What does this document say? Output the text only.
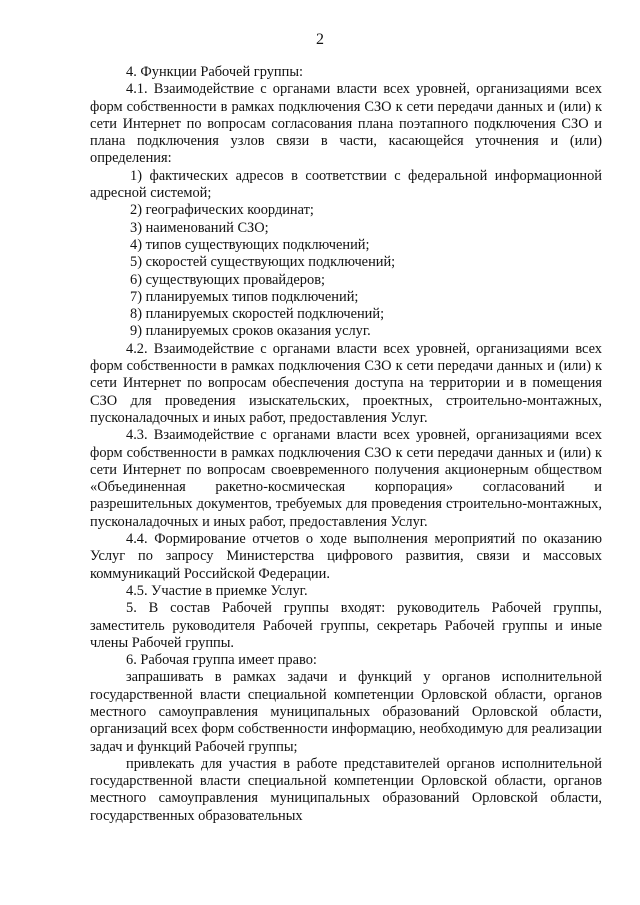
2

4. Функции Рабочей группы:

4.1. Взаимодействие с органами власти всех уровней, организациями всех форм собственности в рамках подключения СЗО к сети передачи данных и (или) к сети Интернет по вопросам согласования плана поэтапного подключения СЗО и плана подключения узлов связи в части, касающейся уточнения и (или) определения:

1) фактических адресов в соответствии с федеральной информационной адресной системой;

2) географических координат;

3) наименований СЗО;

4) типов существующих подключений;

5) скоростей существующих подключений;

6) существующих провайдеров;

7) планируемых типов подключений;

8) планируемых скоростей подключений;

9) планируемых сроков оказания услуг.

4.2. Взаимодействие с органами власти всех уровней, организациями всех форм собственности в рамках подключения СЗО к сети передачи данных и (или) к сети Интернет по вопросам обеспечения доступа на территории и в помещения СЗО для проведения изыскательских, проектных, строительно-монтажных, пусконаладочных и иных работ, предоставления Услуг.

4.3. Взаимодействие с органами власти всех уровней, организациями всех форм собственности в рамках подключения СЗО к сети передачи данных и (или) к сети Интернет по вопросам своевременного получения акционерным обществом «Объединенная ракетно-космическая корпорация» согласований и разрешительных документов, требуемых для проведения строительно-монтажных, пусконаладочных и иных работ, предоставления Услуг.

4.4. Формирование отчетов о ходе выполнения мероприятий по оказанию Услуг по запросу Министерства цифрового развития, связи и массовых коммуникаций Российской Федерации.

4.5. Участие в приемке Услуг.

5. В состав Рабочей группы входят: руководитель Рабочей группы, заместитель руководителя Рабочей группы, секретарь Рабочей группы и иные члены Рабочей группы.

6. Рабочая группа имеет право:

запрашивать в рамках задачи и функций у органов исполнительной государственной власти специальной компетенции Орловской области, органов местного самоуправления муниципальных образований Орловской области, организаций всех форм собственности информацию, необходимую для реализации задач и функций Рабочей группы;

привлекать для участия в работе представителей органов исполнительной государственной власти специальной компетенции Орловской области, органов местного самоуправления муниципальных образований Орловской области, государственных образовательных
